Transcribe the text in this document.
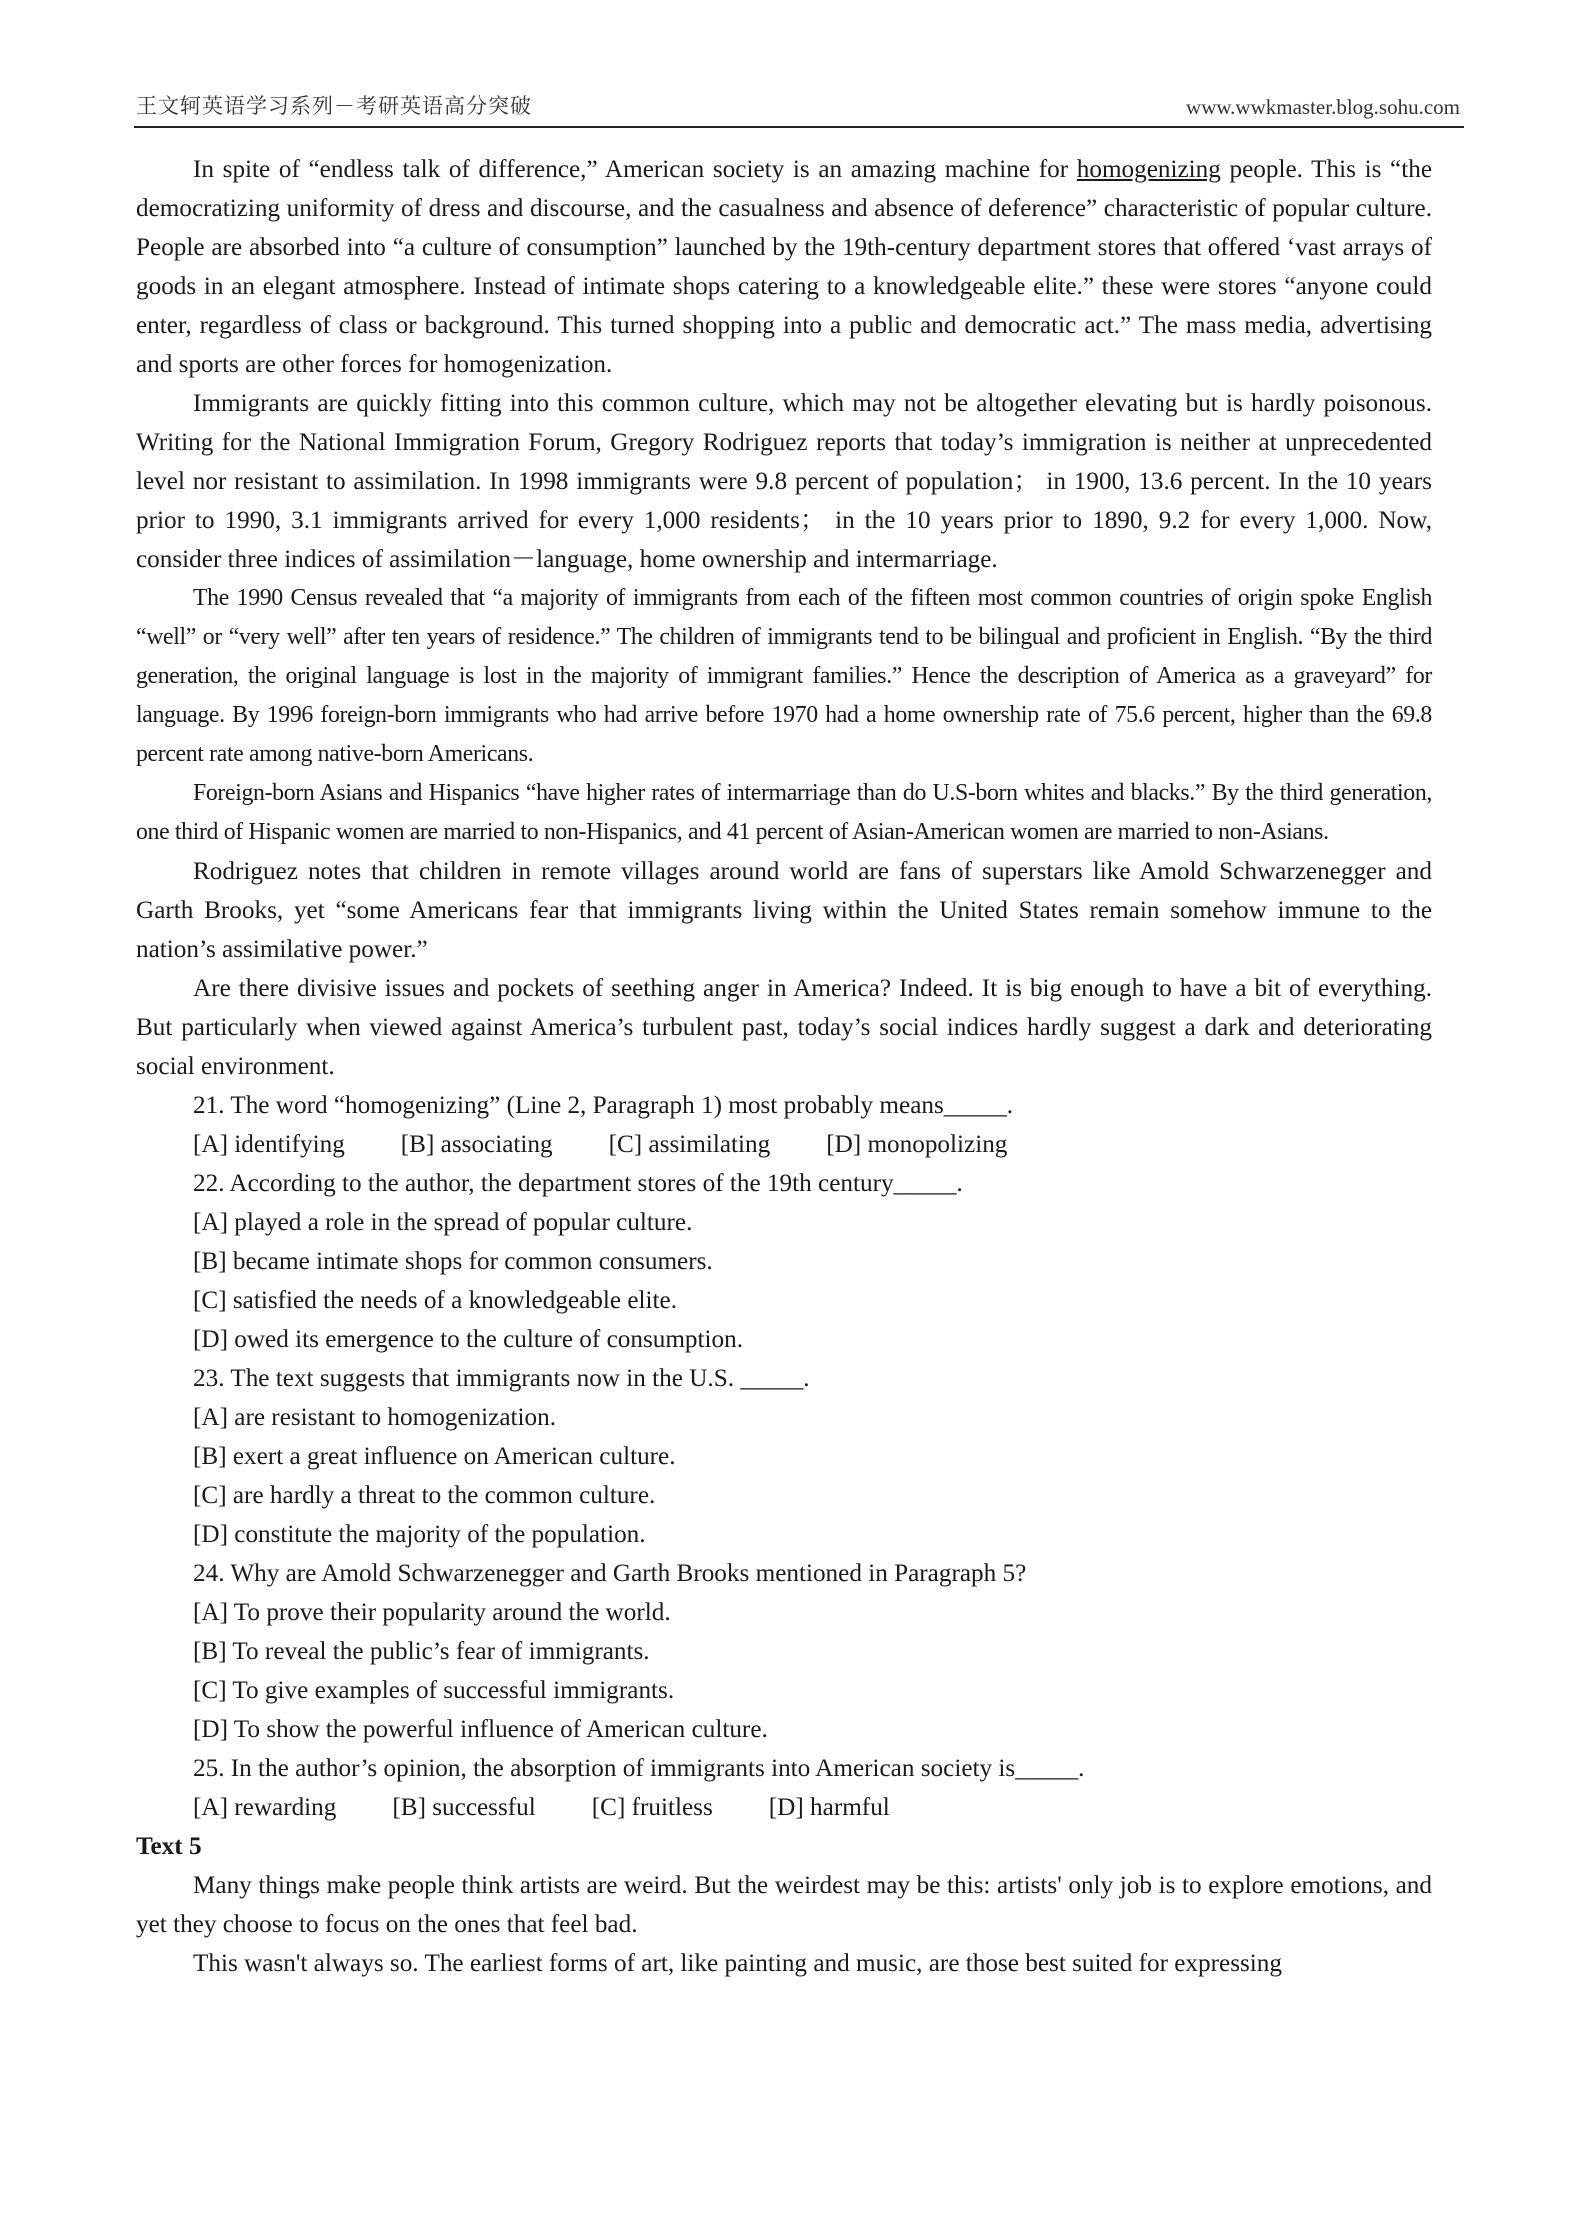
王文轲英语学习系列－考研英语高分突破	www.wwkmaster.blog.sohu.com

In spite of “endless talk of difference,” American society is an amazing machine for homogenizing people. This is “the democratizing uniformity of dress and discourse, and the casualness and absence of deference” characteristic of popular culture. People are absorbed into “a culture of consumption” launched by the 19th-century department stores that offered ‘vast arrays of goods in an elegant atmosphere. Instead of intimate shops catering to a knowledgeable elite.” these were stores “anyone could enter, regardless of class or background. This turned shopping into a public and democratic act.” The mass media, advertising and sports are other forces for homogenization.

Immigrants are quickly fitting into this common culture, which may not be altogether elevating but is hardly poisonous. Writing for the National Immigration Forum, Gregory Rodriguez reports that today’s immigration is neither at unprecedented level nor resistant to assimilation. In 1998 immigrants were 9.8 percent of population； in 1900, 13.6 percent. In the 10 years prior to 1990, 3.1 immigrants arrived for every 1,000 residents； in the 10 years prior to 1890, 9.2 for every 1,000. Now, consider three indices of assimilation－language, home ownership and intermarriage.

The 1990 Census revealed that “a majority of immigrants from each of the fifteen most common countries of origin spoke English “well” or “very well” after ten years of residence.” The children of immigrants tend to be bilingual and proficient in English. “By the third generation, the original language is lost in the majority of immigrant families.” Hence the description of America as a graveyard” for language. By 1996 foreign-born immigrants who had arrive before 1970 had a home ownership rate of 75.6 percent, higher than the 69.8 percent rate among native-born Americans.

Foreign-born Asians and Hispanics “have higher rates of intermarriage than do U.S-born whites and blacks.” By the third generation, one third of Hispanic women are married to non-Hispanics, and 41 percent of Asian-American women are married to non-Asians.

Rodriguez notes that children in remote villages around world are fans of superstars like Amold Schwarzenegger and Garth Brooks, yet “some Americans fear that immigrants living within the United States remain somehow immune to the nation’s assimilative power.”

Are there divisive issues and pockets of seething anger in America? Indeed. It is big enough to have a bit of everything. But particularly when viewed against America’s turbulent past, today’s social indices hardly suggest a dark and deteriorating social environment.

21. The word “homogenizing” (Line 2, Paragraph 1) most probably means_____.
[A] identifying [B] associating [C] assimilating [D] monopolizing
22. According to the author, the department stores of the 19th century_____.
[A] played a role in the spread of popular culture.
[B] became intimate shops for common consumers.
[C] satisfied the needs of a knowledgeable elite.
[D] owed its emergence to the culture of consumption.
23. The text suggests that immigrants now in the U.S. _____.
[A] are resistant to homogenization.
[B] exert a great influence on American culture.
[C] are hardly a threat to the common culture.
[D] constitute the majority of the population.
24. Why are Amold Schwarzenegger and Garth Brooks mentioned in Paragraph 5?
[A] To prove their popularity around the world.
[B] To reveal the public’s fear of immigrants.
[C] To give examples of successful immigrants.
[D] To show the powerful influence of American culture.
25. In the author’s opinion, the absorption of immigrants into American society is_____.
[A] rewarding [B] successful [C] fruitless [D] harmful
Text 5

Many things make people think artists are weird. But the weirdest may be this: artists' only job is to explore emotions, and yet they choose to focus on the ones that feel bad.

This wasn't always so. The earliest forms of art, like painting and music, are those best suited for expressing
